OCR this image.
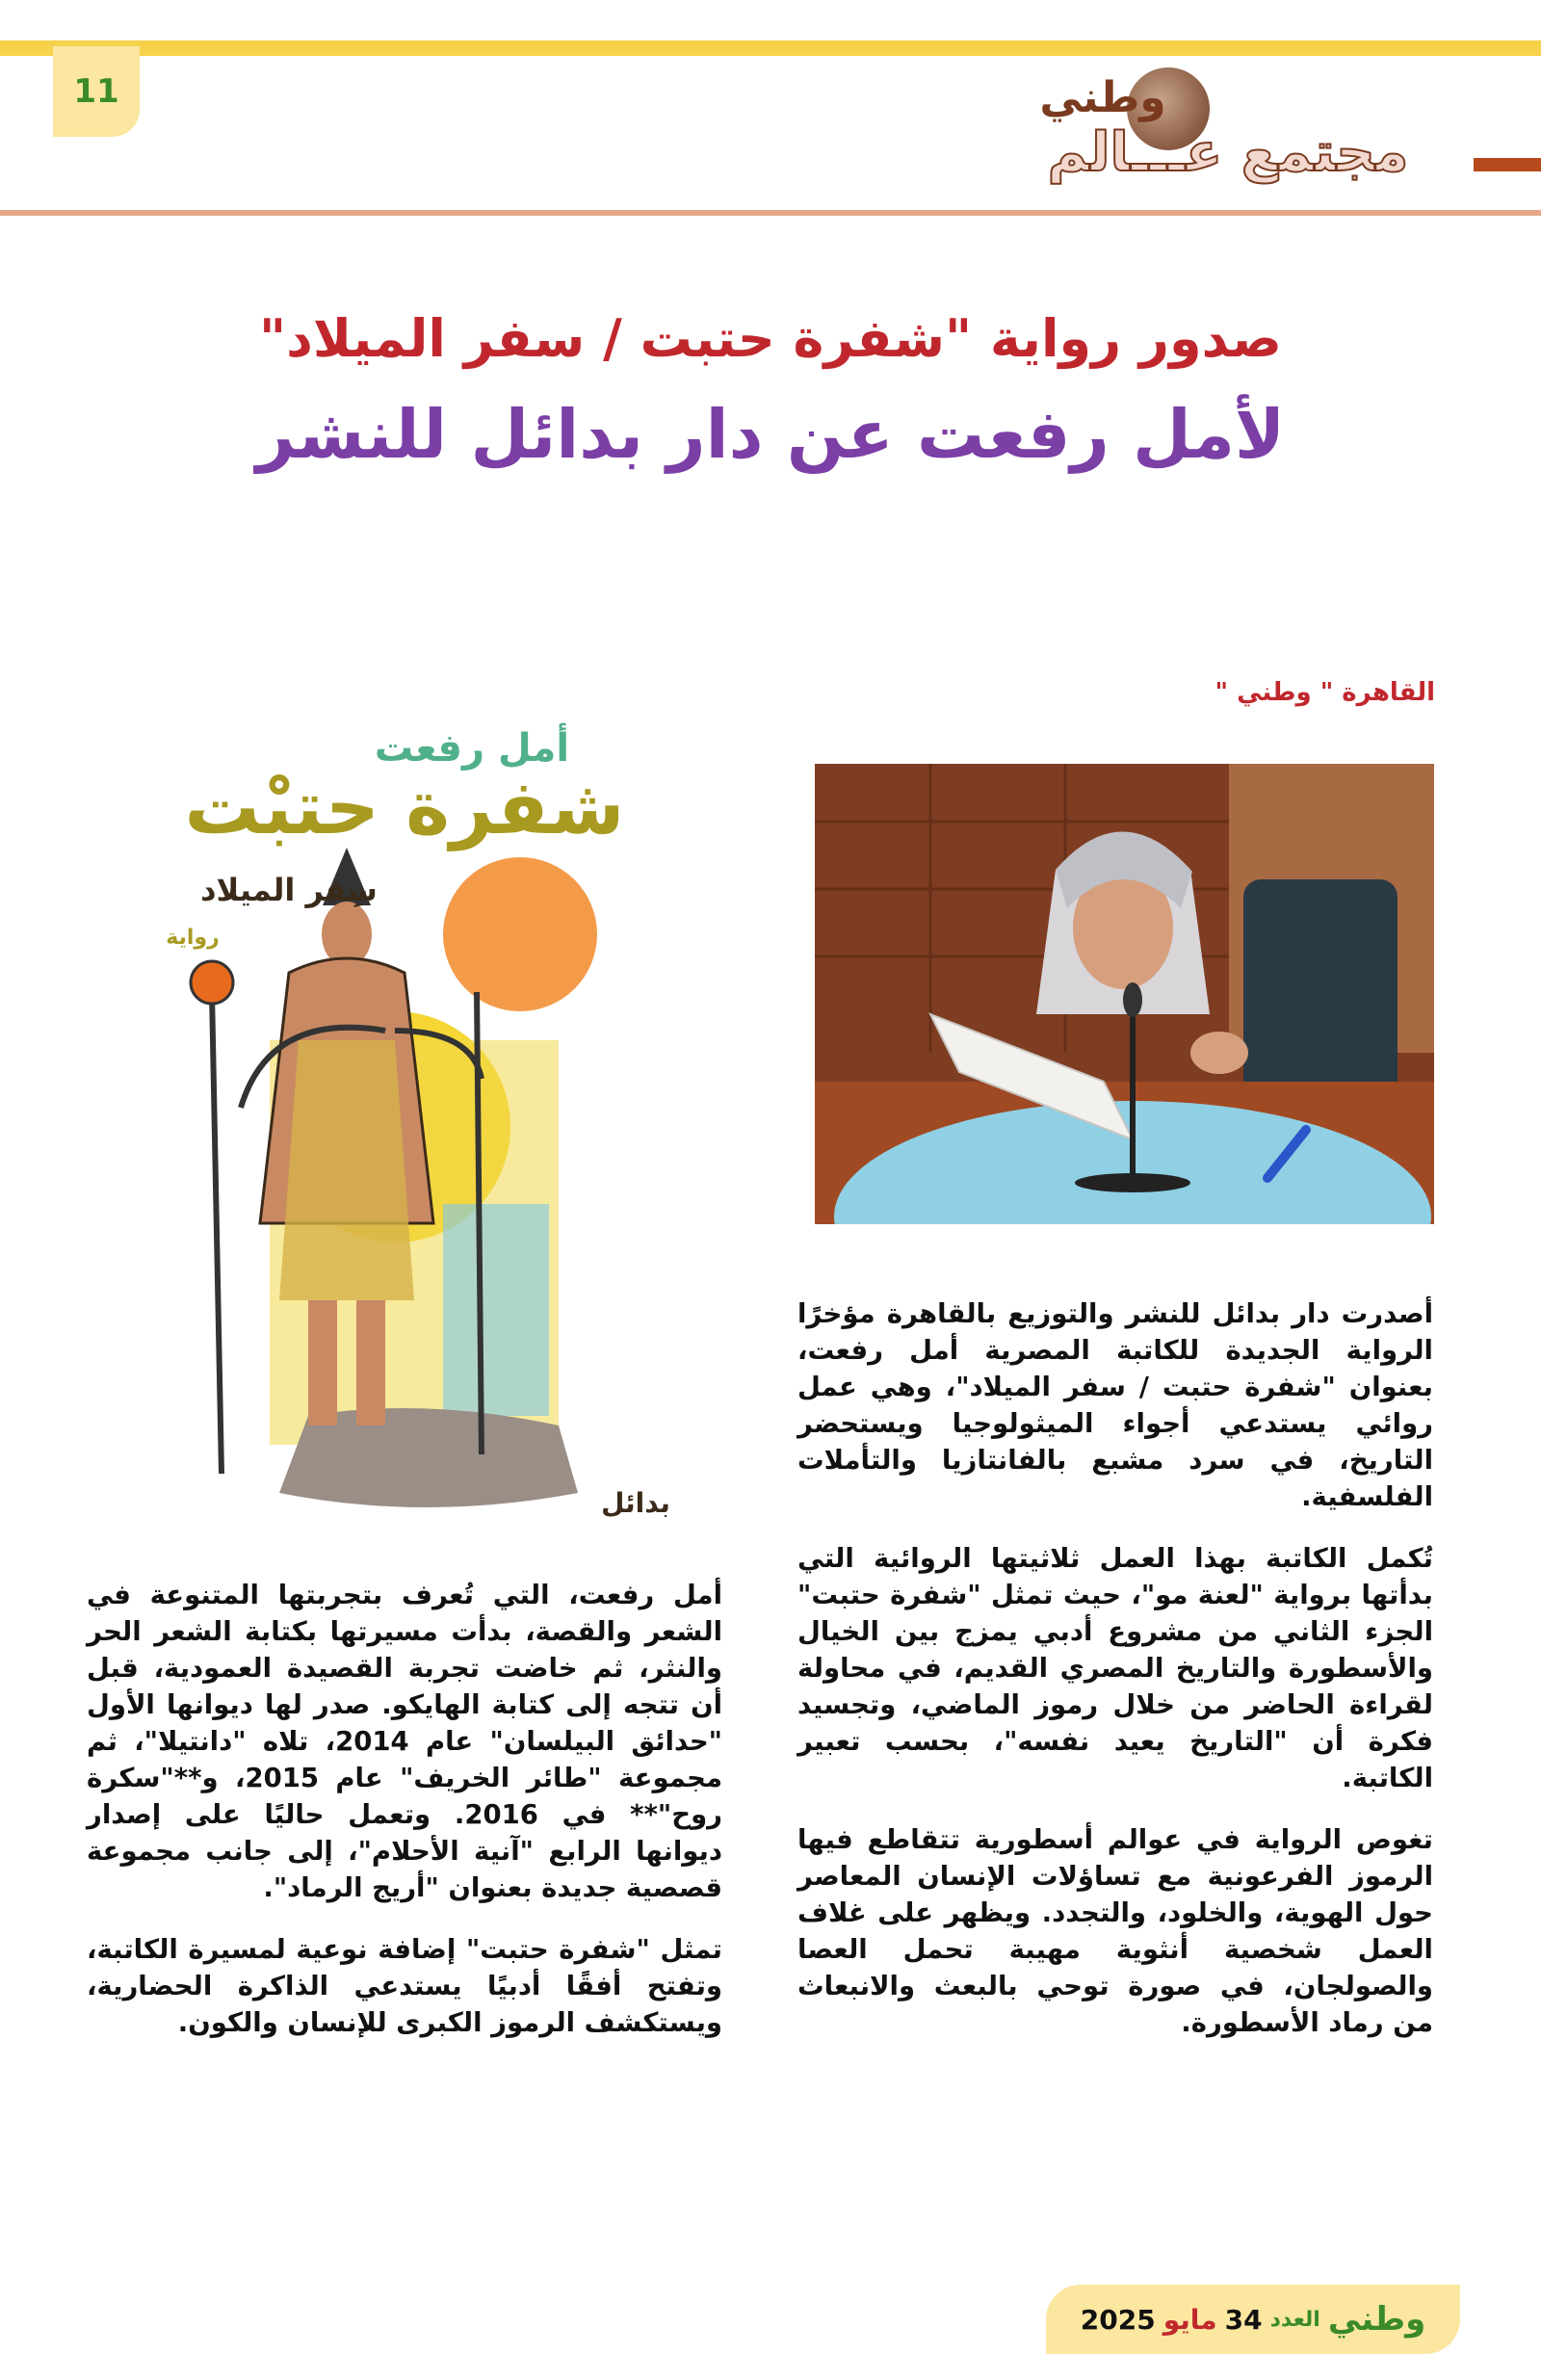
11	وطني
مجتمع عـــالم
صدور رواية "شفرة حتبت / سفر الميلاد"
لأمل رفعت عن دار بدائل للنشر
القاهرة " وطني "
أمل رفعت
شفرة حتبْت
سِفر الميلاد
رواية
بدائل

أصدرت دار بدائل للنشر والتوزيع بالقاهرة مؤخرًا الرواية الجديدة للكاتبة المصرية أمل رفعت، بعنوان "شفرة حتبت / سفر الميلاد"، وهي عمل روائي يستدعي أجواء الميثولوجيا ويستحضر التاريخ، في سرد مشبع بالفانتازيا والتأملات الفلسفية.

تُكمل الكاتبة بهذا العمل ثلاثيتها الروائية التي بدأتها برواية "لعنة مو"، حيث تمثل "شفرة حتبت" الجزء الثاني من مشروع أدبي يمزج بين الخيال والأسطورة والتاريخ المصري القديم، في محاولة لقراءة الحاضر من خلال رموز الماضي، وتجسيد فكرة أن "التاريخ يعيد نفسه"، بحسب تعبير الكاتبة.

تغوص الرواية في عوالم أسطورية تتقاطع فيها الرموز الفرعونية مع تساؤلات الإنسان المعاصر حول الهوية، والخلود، والتجدد. ويظهر على غلاف العمل شخصية أنثوية مهيبة تحمل العصا والصولجان، في صورة توحي بالبعث والانبعاث من رماد الأسطورة.

أمل رفعت، التي تُعرف بتجربتها المتنوعة في الشعر والقصة، بدأت مسيرتها بكتابة الشعر الحر والنثر، ثم خاضت تجربة القصيدة العمودية، قبل أن تتجه إلى كتابة الهايكو. صدر لها ديوانها الأول "حدائق البيلسان" عام 2014، تلاه "دانتيلا"، ثم مجموعة "طائر الخريف" عام 2015، و**"سكرة روح"** في 2016. وتعمل حاليًا على إصدار ديوانها الرابع "آنية الأحلام"، إلى جانب مجموعة قصصية جديدة بعنوان "أريج الرماد".

تمثل "شفرة حتبت" إضافة نوعية لمسيرة الكاتبة، وتفتح أفقًا أدبيًا يستدعي الذاكرة الحضارية، ويستكشف الرموز الكبرى للإنسان والكون.

وطني
العدد
34
مايو
2025
